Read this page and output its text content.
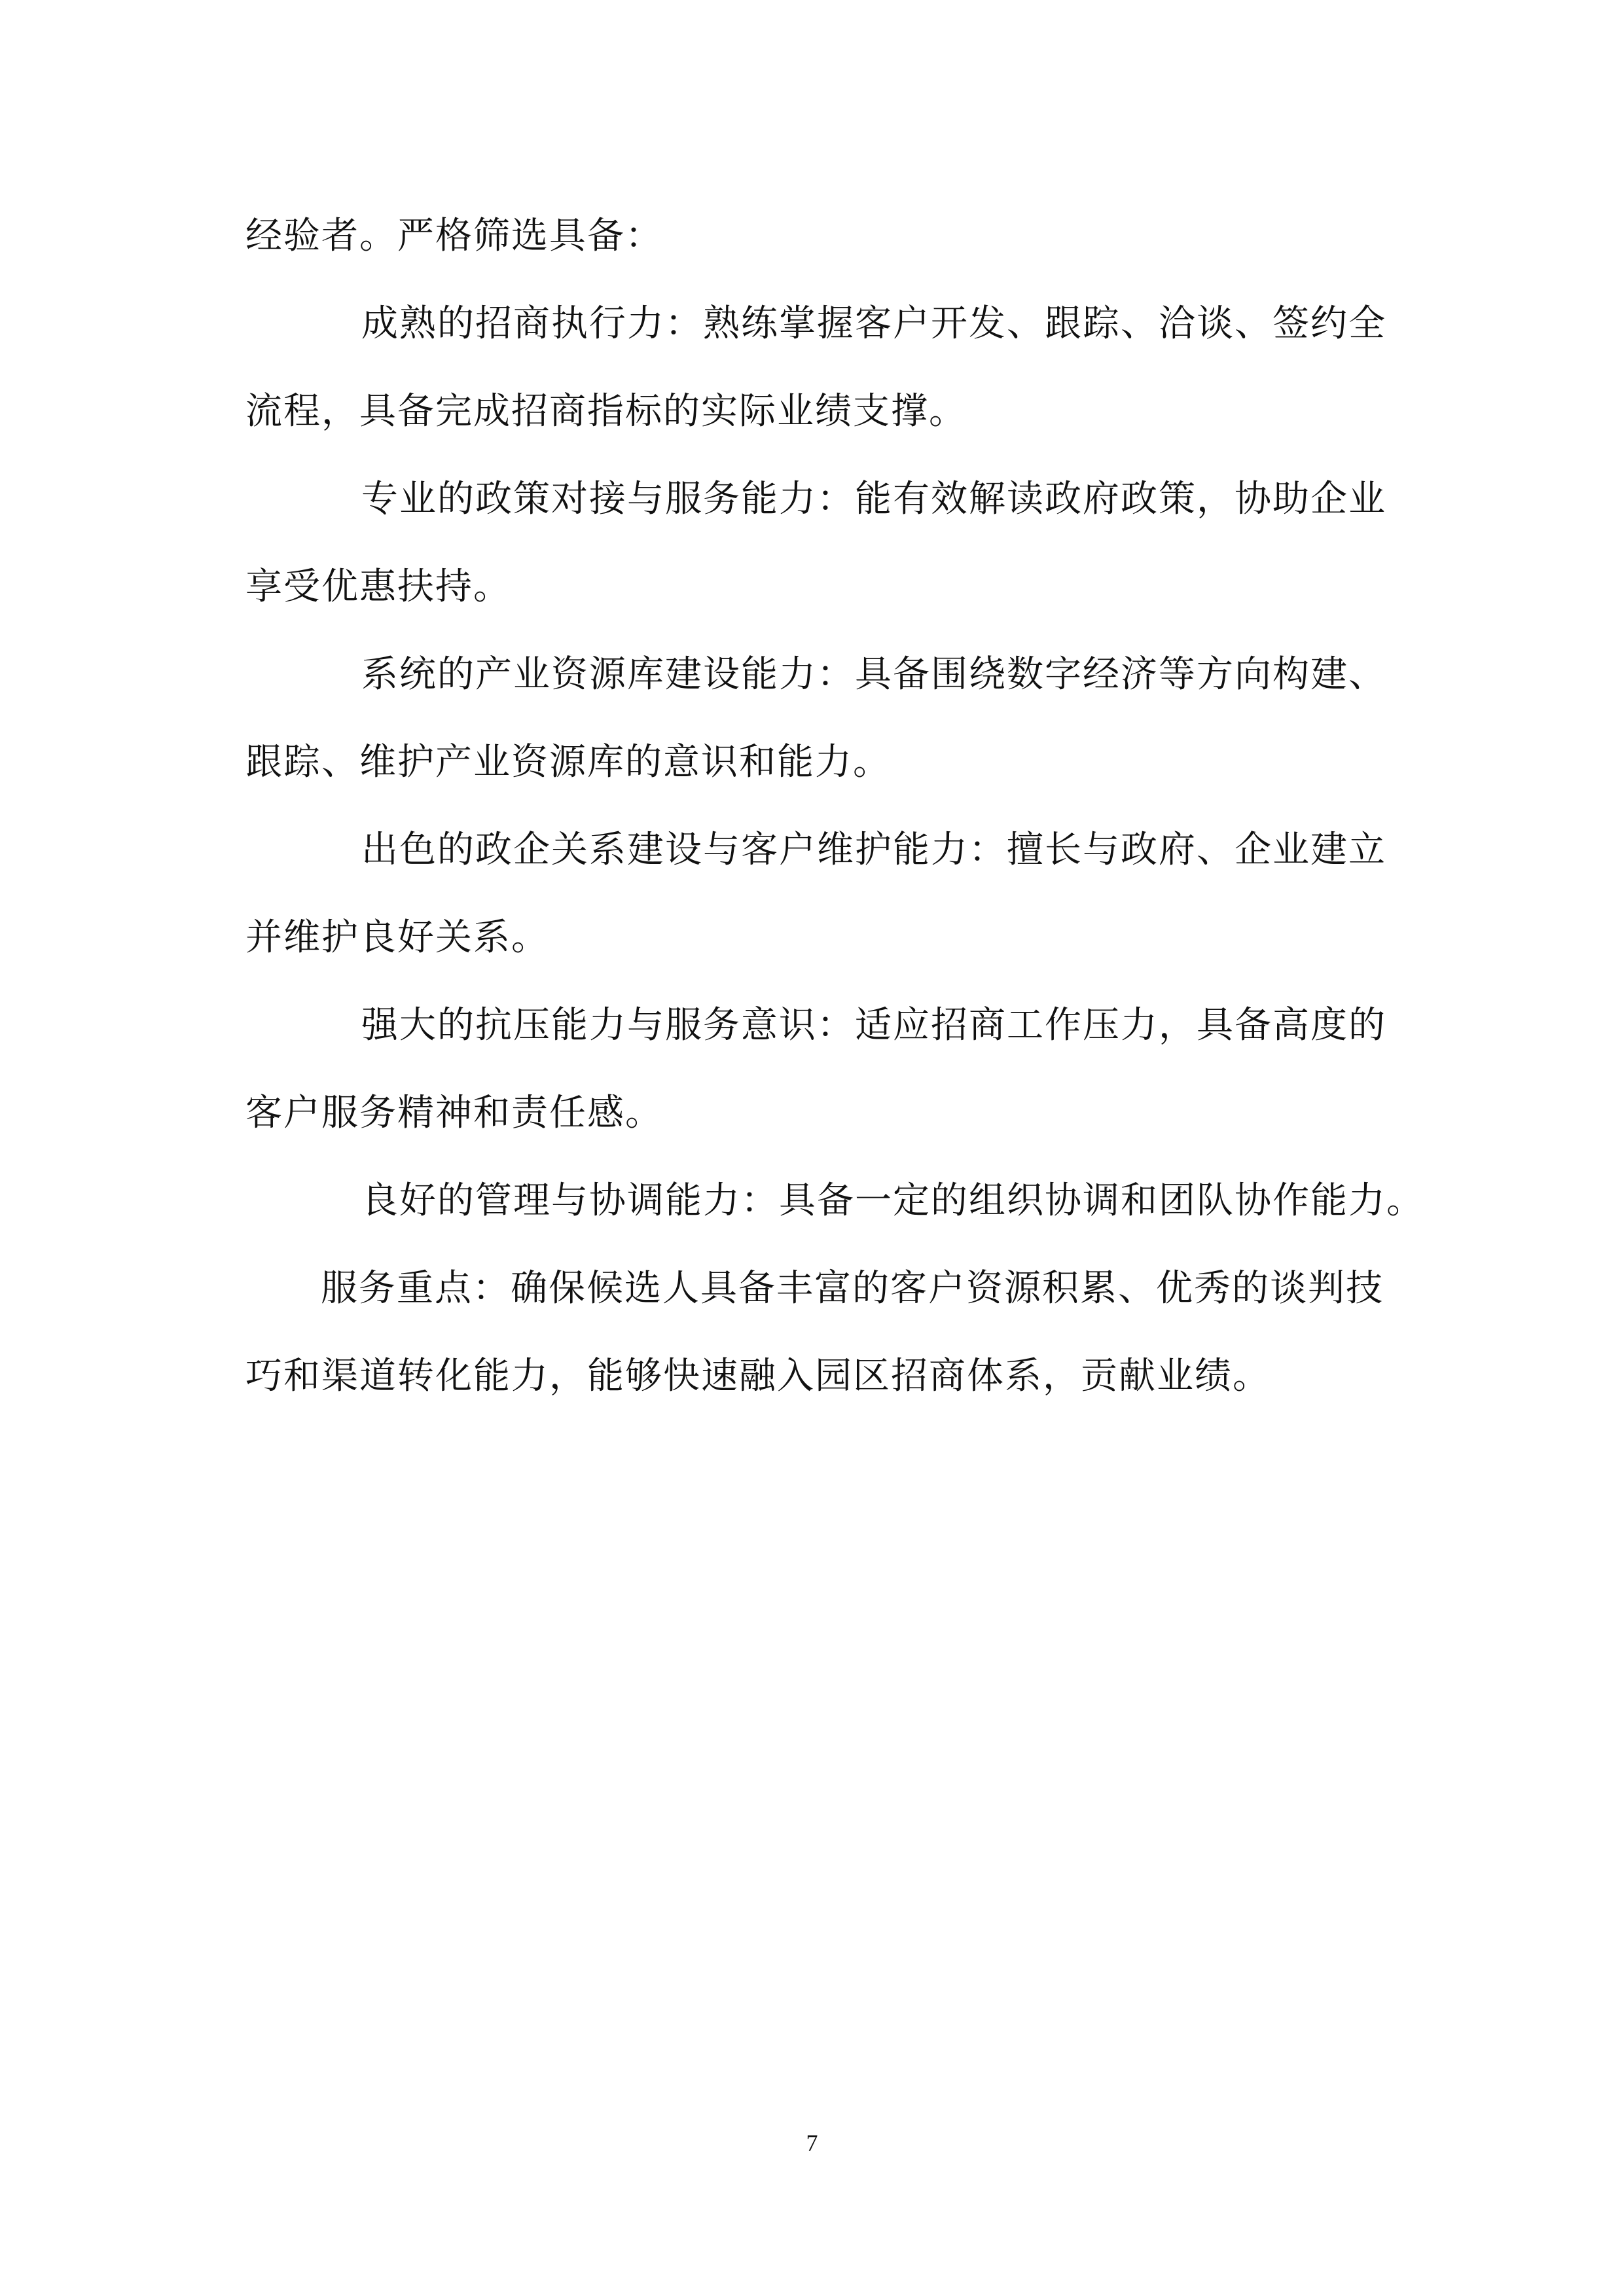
经验者。严格筛选具备：
成熟的招商执行力：熟练掌握客户开发、跟踪、洽谈、签约全
流程，具备完成招商指标的实际业绩支撑。
专业的政策对接与服务能力：能有效解读政府政策，协助企业
享受优惠扶持。
系统的产业资源库建设能力：具备围绕数字经济等方向构建、
跟踪、维护产业资源库的意识和能力。
出色的政企关系建设与客户维护能力：擅长与政府、企业建立
并维护良好关系。
强大的抗压能力与服务意识：适应招商工作压力，具备高度的
客户服务精神和责任感。
良好的管理与协调能力：具备一定的组织协调和团队协作能力。
服务重点：确保候选人具备丰富的客户资源积累、优秀的谈判技
巧和渠道转化能力，能够快速融入园区招商体系，贡献业绩。
7
